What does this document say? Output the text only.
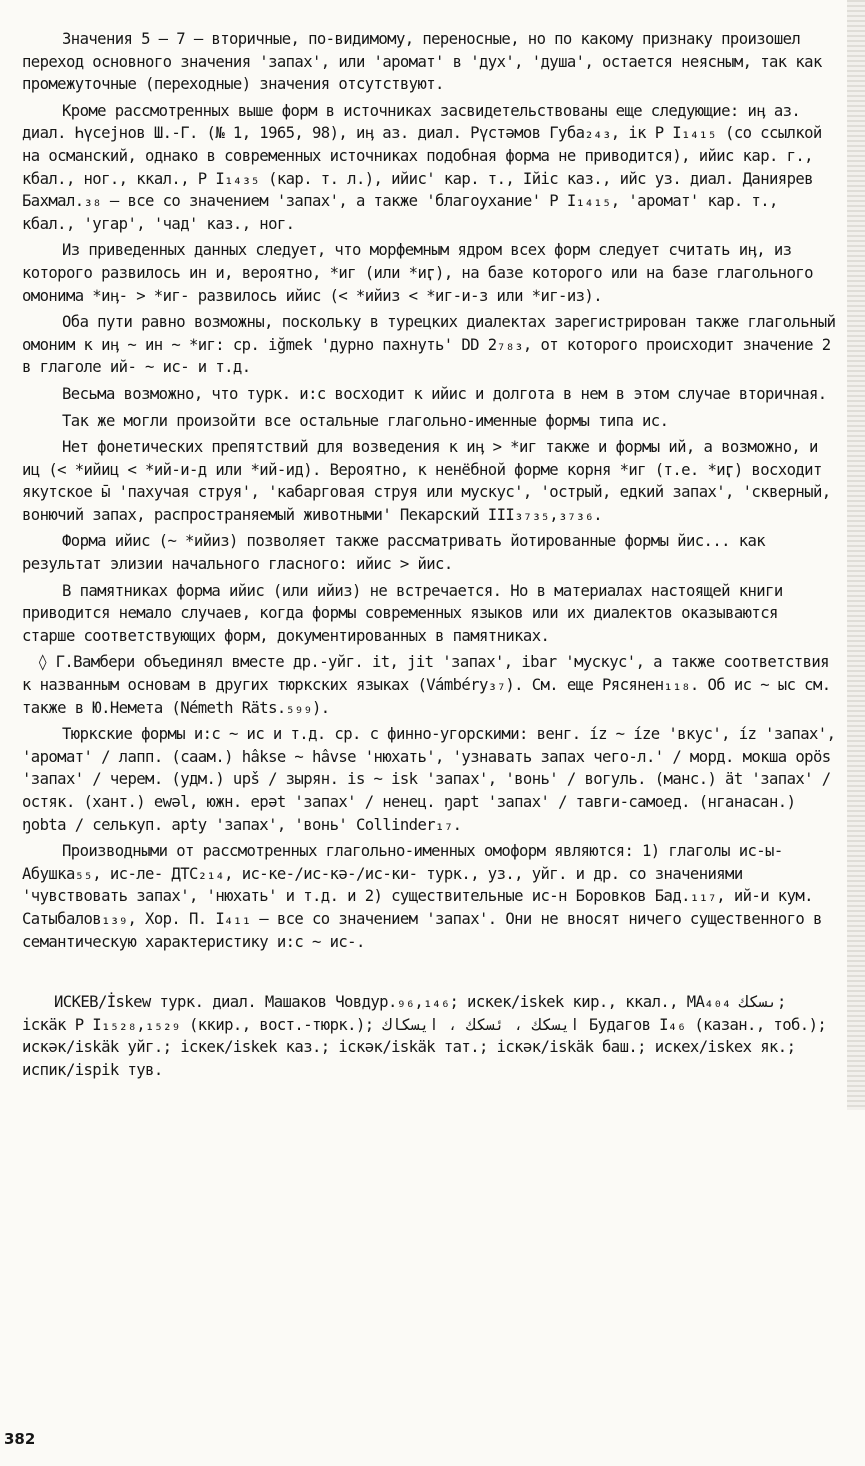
Значения 5 – 7 – вторичные, по-видимому, переносные, но по какому признаку произошел переход основного значения 'запах', или 'аромат' в 'дух', 'душа', остается неясным, так как промежуточные (переходные) значения отсутствуют.

Кроме рассмотренных выше форм в источниках засвидетельствованы еще следующие: иӊ аз. диал. Һүсејнов Ш.-Г. (№ 1, 1965, 98), иӊ аз. диал. Рүстәмов Губа₂₄₃, ік Р I₁₄₁₅ (со ссылкой на османский, однако в современных источниках подобная форма не приводится), ийис кар. г., кбал., ног., ккал., Р I₁₄₃₅ (кар. т. л.), ийис' кар. т., Ійіс каз., ийс уз. диал. Даниярев Бахмал.₃₈ – все со значением 'запах', а также 'благоухание' Р I₁₄₁₅, 'аромат' кар. т., кбал., 'угар', 'чад' каз., ног.

Из приведенных данных следует, что морфемным ядром всех форм следует считать иӊ, из которого развилось ин и, вероятно, *иг (или *иӷ), на базе которого или на базе глагольного омонима *иӊ- > *иг- развилось ийис (< *ийиз < *иг-и-з или *иг-из).

Оба пути равно возможны, поскольку в турецких диалектах зарегистрирован также глагольный омоним к иӊ ~ ин ~ *иг: ср. iğmek 'дурно пахнуть' DD 2₇₈₃, от которого происходит значение 2 в глаголе ий- ~ ис- и т.д.

Весьма возможно, что турк. и:с восходит к ийис и долгота в нем в этом случае вторичная.

Так же могли произойти все остальные глагольно-именные формы типа ис.

Нет фонетических препятствий для возведения к иӊ > *иг также и формы ий, а возможно, и иц (< *ийиц < *ий-и-д или *ий-ид). Вероятно, к ненёбной форме корня *иг (т.е. *иӷ) восходит якутское ы̄ 'пахучая струя', 'кабарговая струя или мускус', 'острый, едкий запах', 'скверный, вонючий запах, распространяемый животными' Пекарский III₃₇₃₅,₃₇₃₆.

Форма ийис (~ *ийиз) позволяет также рассматривать йотированные формы йис... как результат элизии начального гласного: ийис > йис.

В памятниках форма ийис (или ийиз) не встречается. Но в материалах настоящей книги приводится немало случаев, когда формы современных языков или их диалектов оказываются старше соответствующих форм, документированных в памятниках.

◊ Г.Вамбери объединял вместе др.-уйг. it, jit 'запах', ibar 'мускус', а также соответствия к названным основам в других тюркских языках (Vámbéry₃₇). См. еще Рясянен₁₁₈. Об ис ~ ыс см. также в Ю.Немета (Németh Räts.₅₉₉).

Тюркские формы и:с ~ ис и т.д. ср. с финно-угорскими: венг. íz ~ íze 'вкус', íz 'запах', 'аромат' / лапп. (саам.) hâkse ~ hâvse 'нюхать', 'узнавать запах чего-л.' / морд. мокша орös 'запах' / черем. (удм.) upš / зырян. is ~ isk 'запах', 'вонь' / вогуль. (манс.) ät 'запах' / остяк. (хант.) ewəl, южн. epət 'запах' / ненец. ŋapt 'запах' / тавги-самоед. (нганасан.) ŋobta / селькуп. apty 'запах', 'вонь' Collinder₁₇.

Производными от рассмотренных глагольно-именных омоформ являются: 1) глаголы ис-ы- Абушка₅₅, ис-ле- ДТС₂₁₄, ис-ке-/ис-кә-/ис-ки- турк., уз., уйг. и др. со значениями 'чувствовать запах', 'нюхать' и т.д. и 2) существительные ис-н Боровков Бад.₁₁₇, ий-и кум. Сатыбалов₁₃₉, Хор. П. I₄₁₁ – все со значением 'запах'. Они не вносят ничего существенного в семантическую характеристику и:с ~ ис-.

ИСКЕВ/İskew турк. диал. Машаков Човдур.₉₆,₁₄₆; искек/iskek кир., ккал., МА₄₀₄ ىسكك; іскäк Р I₁₅₂₈,₁₅₂₉ (ккир., вост.-тюрк.); ايسكك ، ئسكك ، ايسكاك Будагов I₄₆ (казан., тоб.); искәк/iskäk уйг.; іскек/iskek каз.; іскәк/iskäk тат.; іскәк/iskäk баш.; искех/iskex як.; испик/ispik тув.

382
